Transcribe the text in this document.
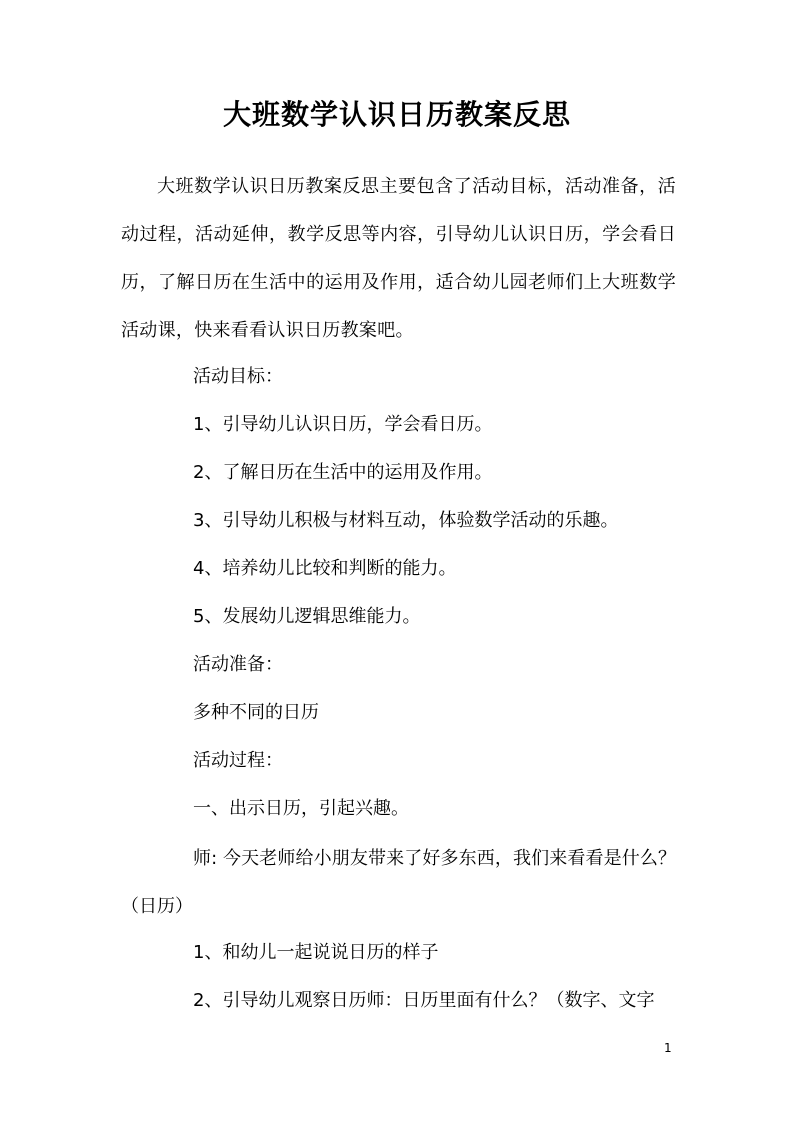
大班数学认识日历教案反思

大班数学认识日历教案反思主要包含了活动目标，活动准备，活动过程，活动延伸，教学反思等内容，引导幼儿认识日历，学会看日历，了解日历在生活中的运用及作用，适合幼儿园老师们上大班数学活动课，快来看看认识日历教案吧。

活动目标：
1、引导幼儿认识日历，学会看日历。
2、了解日历在生活中的运用及作用。
3、引导幼儿积极与材料互动，体验数学活动的乐趣。
4、培养幼儿比较和判断的能力。
5、发展幼儿逻辑思维能力。
活动准备：
多种不同的日历
活动过程：
一、出示日历，引起兴趣。

师: 今天老师给小朋友带来了好多东西，我们来看看是什么？（日历）

1、和幼儿一起说说日历的样子
2、引导幼儿观察日历师：日历里面有什么？（数字、文字
1
